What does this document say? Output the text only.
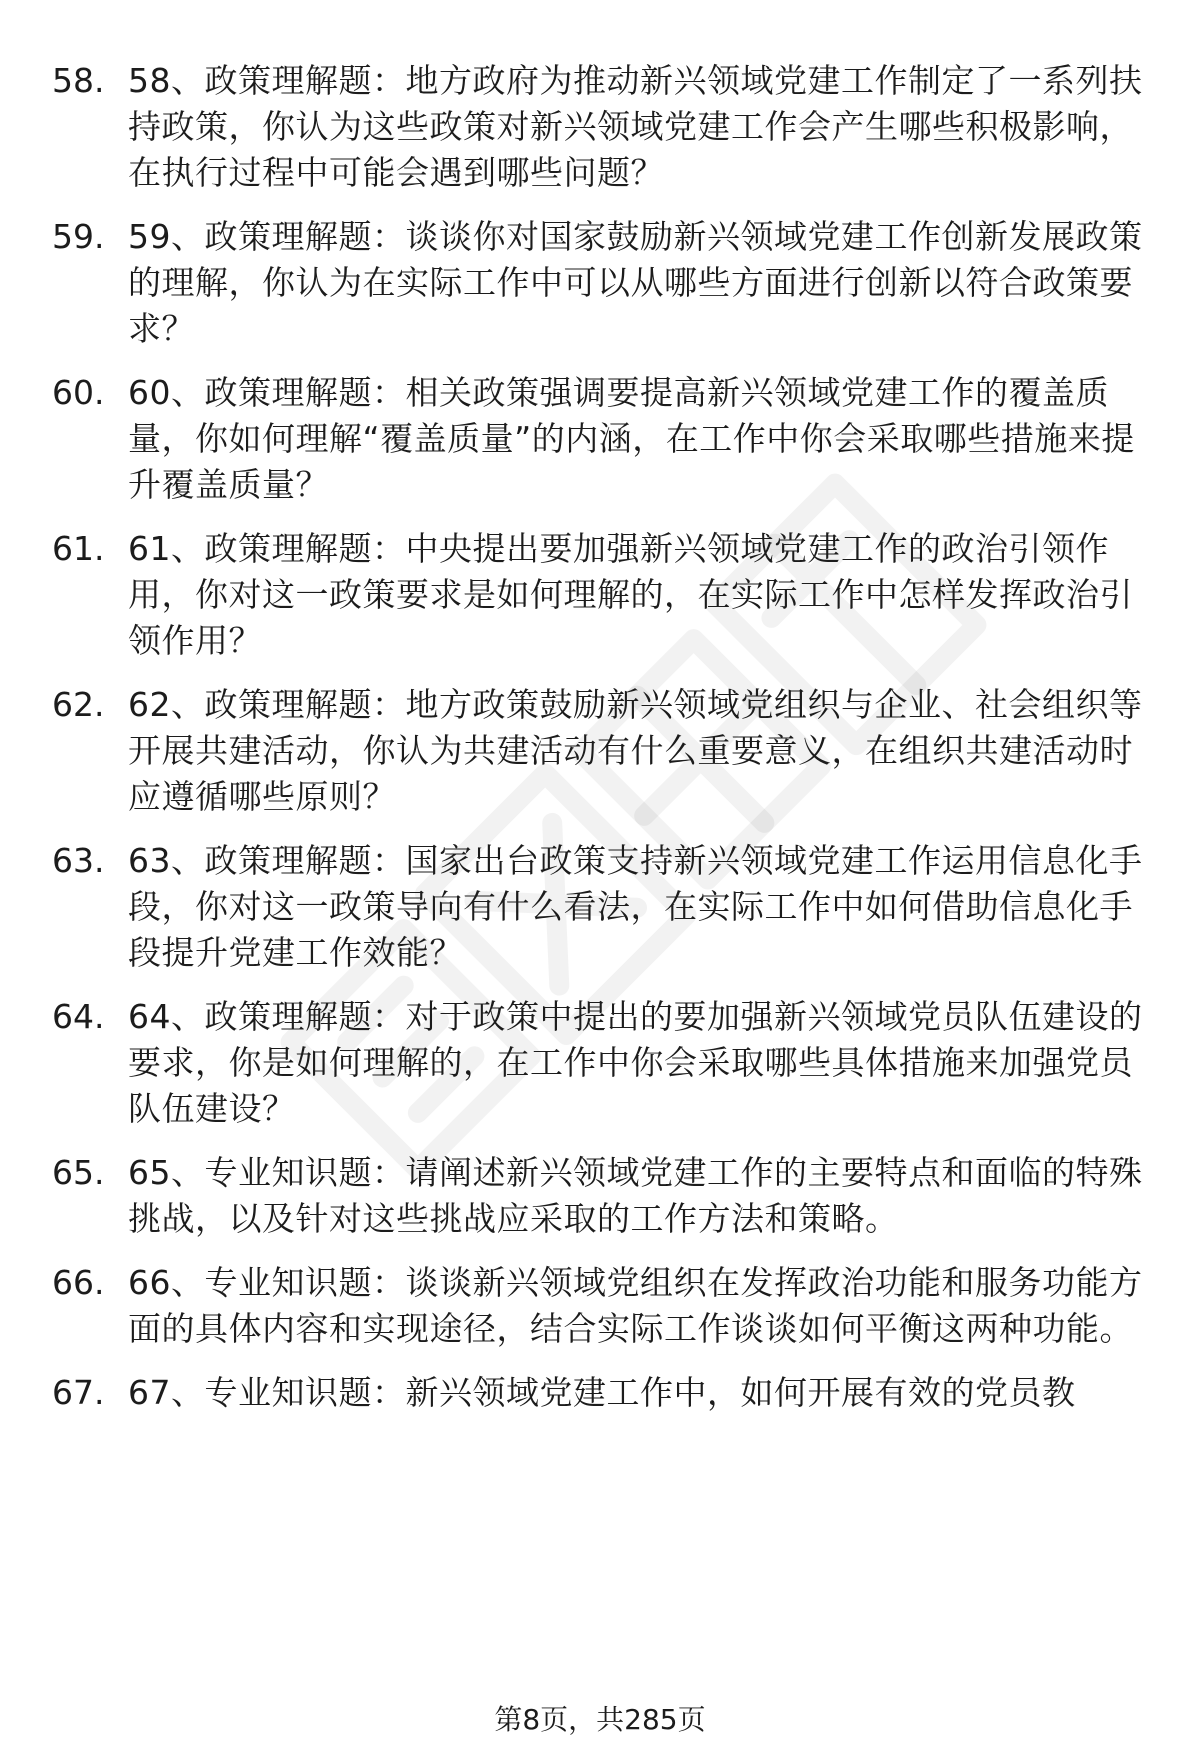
58. 58、政策理解题：地方政府为推动新兴领域党建工作制定了一系列扶持政策，你认为这些政策对新兴领域党建工作会产生哪些积极影响，在执行过程中可能会遇到哪些问题？
59. 59、政策理解题：谈谈你对国家鼓励新兴领域党建工作创新发展政策的理解，你认为在实际工作中可以从哪些方面进行创新以符合政策要求？
60. 60、政策理解题：相关政策强调要提高新兴领域党建工作的覆盖质量，你如何理解“覆盖质量”的内涵，在工作中你会采取哪些措施来提升覆盖质量？
61. 61、政策理解题：中央提出要加强新兴领域党建工作的政治引领作用，你对这一政策要求是如何理解的，在实际工作中怎样发挥政治引领作用？
62. 62、政策理解题：地方政策鼓励新兴领域党组织与企业、社会组织等开展共建活动，你认为共建活动有什么重要意义，在组织共建活动时应遵循哪些原则？
63. 63、政策理解题：国家出台政策支持新兴领域党建工作运用信息化手段，你对这一政策导向有什么看法，在实际工作中如何借助信息化手段提升党建工作效能？
64. 64、政策理解题：对于政策中提出的要加强新兴领域党员队伍建设的要求，你是如何理解的，在工作中你会采取哪些具体措施来加强党员队伍建设？
65. 65、专业知识题：请阐述新兴领域党建工作的主要特点和面临的特殊挑战，以及针对这些挑战应采取的工作方法和策略。
66. 66、专业知识题：谈谈新兴领域党组织在发挥政治功能和服务功能方面的具体内容和实现途径，结合实际工作谈谈如何平衡这两种功能。
67. 67、专业知识题：新兴领域党建工作中，如何开展有效的党员教
第8页，共285页
